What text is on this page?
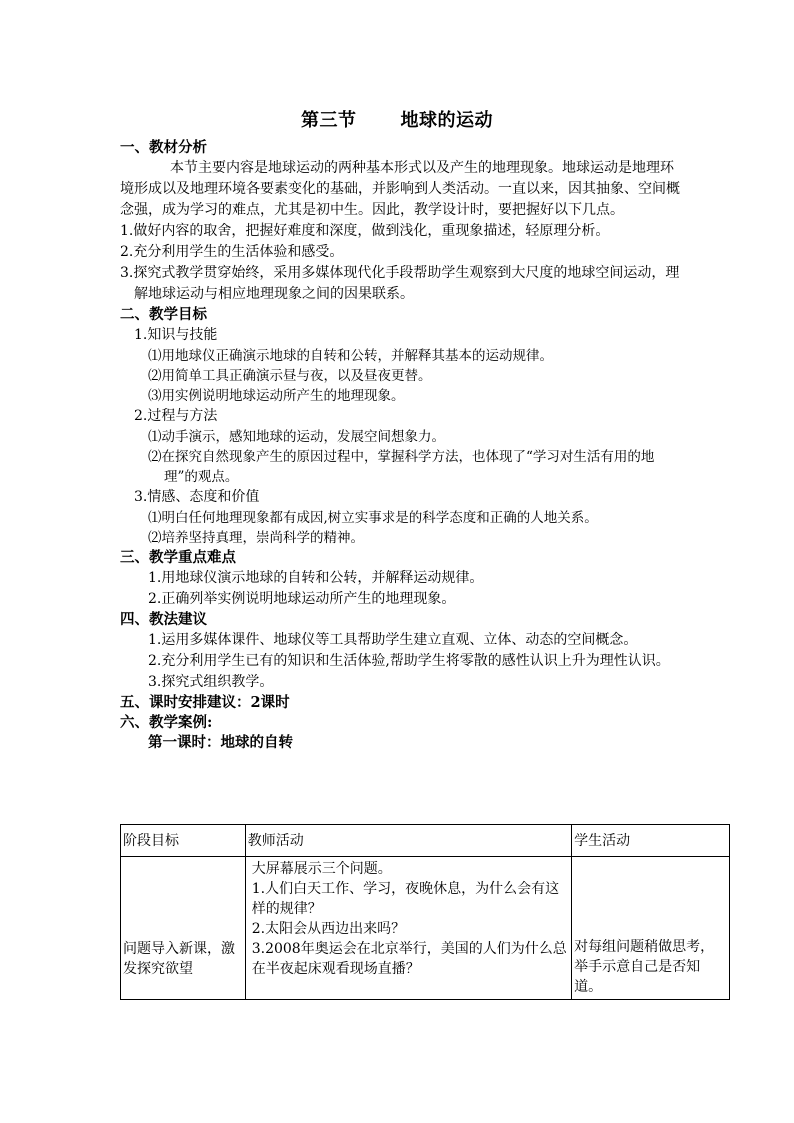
第三节 地球的运动

一、教材分析

本节主要内容是地球运动的两种基本形式以及产生的地理现象。地球运动是地理环境形成以及地理环境各要素变化的基础，并影响到人类活动。一直以来，因其抽象、空间概念强，成为学习的难点，尤其是初中生。因此，教学设计时，要把握好以下几点。

1.做好内容的取舍，把握好难度和深度，做到浅化，重现象描述，轻原理分析。

2.充分利用学生的生活体验和感受。

3.探究式教学贯穿始终，采用多媒体现代化手段帮助学生观察到大尺度的地球空间运动，理解地球运动与相应地理现象之间的因果联系。

二、教学目标

1.知识与技能

⑴用地球仪正确演示地球的自转和公转，并解释其基本的运动规律。

⑵用简单工具正确演示昼与夜，以及昼夜更替。

⑶用实例说明地球运动所产生的地理现象。

2.过程与方法

⑴动手演示，感知地球的运动，发展空间想象力。

⑵在探究自然现象产生的原因过程中，掌握科学方法，也体现了“学习对生活有用的地理”的观点。

3.情感、态度和价值

⑴明白任何地理现象都有成因,树立实事求是的科学态度和正确的人地关系。

⑵培养坚持真理，崇尚科学的精神。

三、教学重点难点

1.用地球仪演示地球的自转和公转，并解释运动规律。

2.正确列举实例说明地球运动所产生的地理现象。

四、教法建议

1.运用多媒体课件、地球仪等工具帮助学生建立直观、立体、动态的空间概念。

2.充分利用学生已有的知识和生活体验,帮助学生将零散的感性认识上升为理性认识。

3.探究式组织教学。

五、课时安排建议：2课时

六、教学案例:

第一课时：地球的自转

阶段目标	教师活动	学生活动
问题导入新课，激发探究欲望	大屏幕展示三个问题。
1.人们白天工作、学习，夜晚休息，为什么会有这样的规律？
2.太阳会从西边出来吗？
3.2008年奥运会在北京举行，美国的人们为什么总在半夜起床观看现场直播？	对每组问题稍做思考，举手示意自己是否知道。
